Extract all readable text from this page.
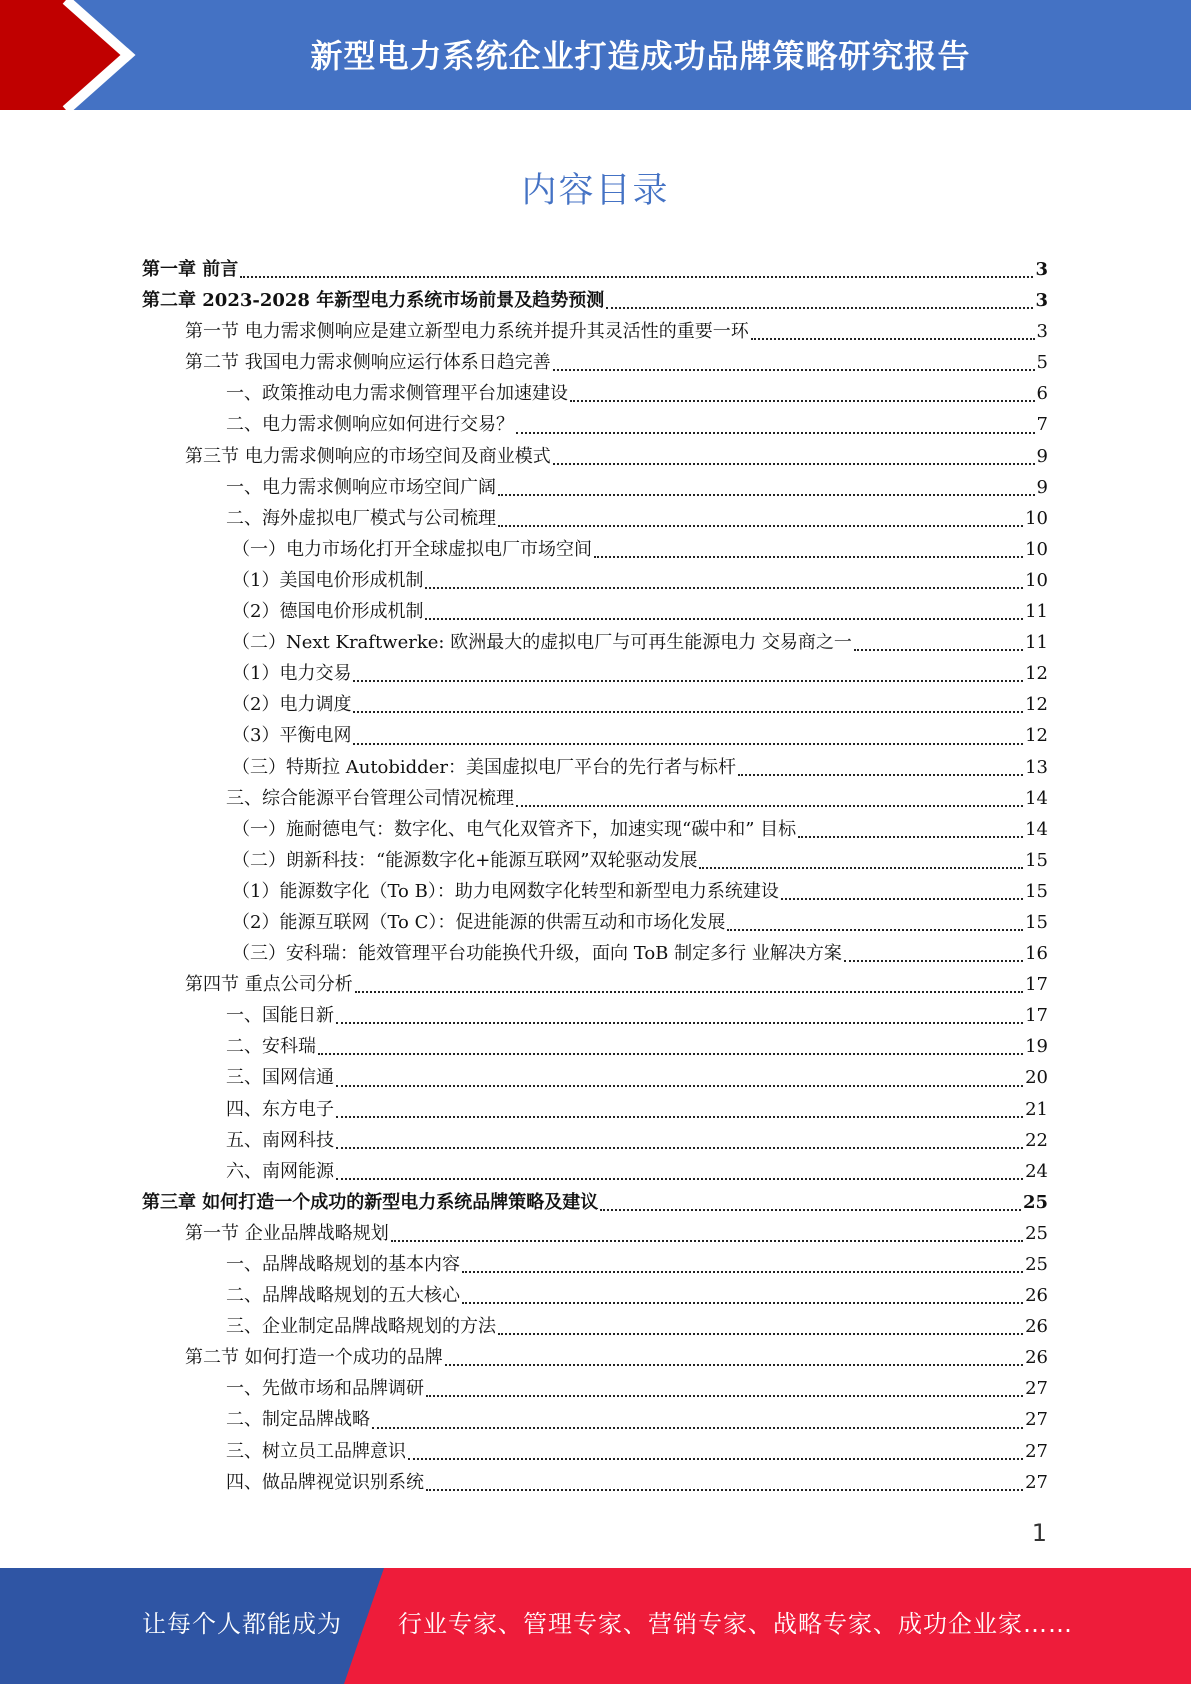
新型电力系统企业打造成功品牌策略研究报告
内容目录
第一章 前言	3
第二章 2023-2028 年新型电力系统市场前景及趋势预测	3
第一节 电力需求侧响应是建立新型电力系统并提升其灵活性的重要一环	3
第二节 我国电力需求侧响应运行体系日趋完善	5
一、政策推动电力需求侧管理平台加速建设	6
二、电力需求侧响应如何进行交易？	7
第三节 电力需求侧响应的市场空间及商业模式	9
一、电力需求侧响应市场空间广阔	9
二、海外虚拟电厂模式与公司梳理	10
（一）电力市场化打开全球虚拟电厂市场空间	10
（1）美国电价形成机制	10
（2）德国电价形成机制	11
（二）Next Kraftwerke: 欧洲最大的虚拟电厂与可再生能源电力 交易商之一	11
（1）电力交易	12
（2）电力调度	12
（3）平衡电网	12
（三）特斯拉 Autobidder：美国虚拟电厂平台的先行者与标杆	13
三、综合能源平台管理公司情况梳理	14
（一）施耐德电气：数字化、电气化双管齐下，加速实现“碳中和” 目标	14
（二）朗新科技：“能源数字化+能源互联网”双轮驱动发展	15
（1）能源数字化（To B）：助力电网数字化转型和新型电力系统建设	15
（2）能源互联网（To C）：促进能源的供需互动和市场化发展	15
（三）安科瑞：能效管理平台功能换代升级，面向 ToB 制定多行 业解决方案	16
第四节 重点公司分析	17
一、国能日新	17
二、安科瑞	19
三、国网信通	20
四、东方电子	21
五、南网科技	22
六、南网能源	24
第三章 如何打造一个成功的新型电力系统品牌策略及建议	25
第一节 企业品牌战略规划	25
一、品牌战略规划的基本内容	25
二、品牌战略规划的五大核心	26
三、企业制定品牌战略规划的方法	26
第二节 如何打造一个成功的品牌	26
一、先做市场和品牌调研	27
二、制定品牌战略	27
三、树立员工品牌意识	27
四、做品牌视觉识别系统	27
1
让每个人都能成为 行业专家、管理专家、营销专家、战略专家、成功企业家……
